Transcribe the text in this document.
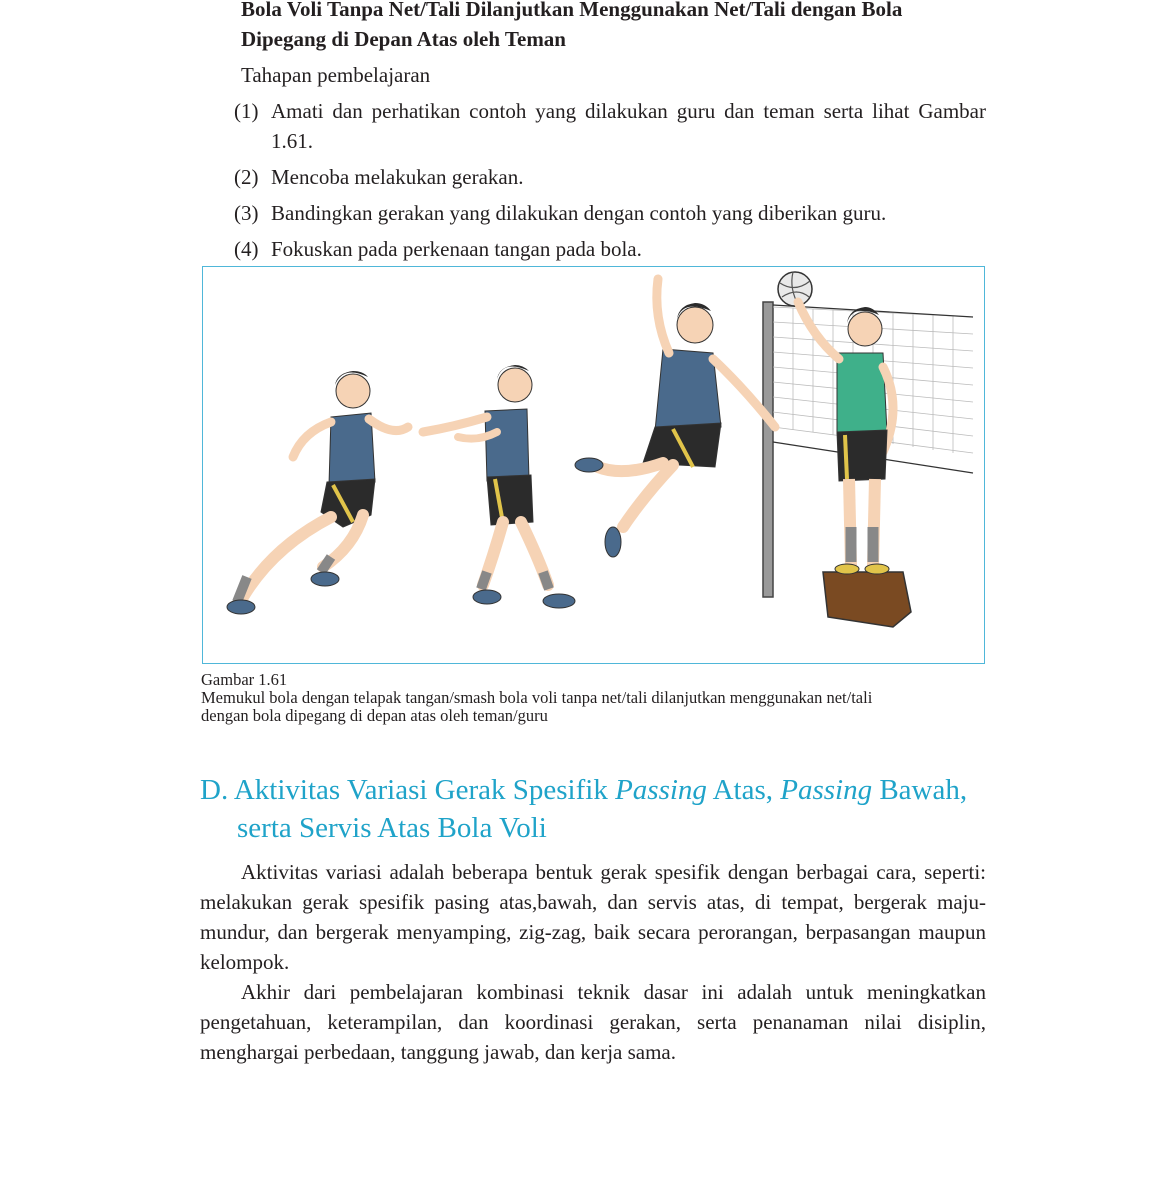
Bola Voli Tanpa Net/Tali Dilanjutkan Menggunakan Net/Tali dengan Bola
Dipegang di Depan Atas oleh Teman
Tahapan pembelajaran
(1) Amati dan perhatikan contoh yang dilakukan guru dan teman serta lihat Gambar 1.61.
(2) Mencoba melakukan gerakan.
(3) Bandingkan gerakan yang dilakukan dengan contoh yang diberikan guru.
(4) Fokuskan pada perkenaan tangan pada bola.

Gambar 1.61

Memukul bola dengan telapak tangan/smash bola voli tanpa net/tali dilanjutkan menggunakan net/tali

dengan bola dipegang di depan atas oleh teman/guru

D. Aktivitas Variasi Gerak Spesifik Passing Atas, Passing Bawah,
serta Servis Atas Bola Voli

Aktivitas variasi adalah beberapa bentuk gerak spesifik dengan berbagai cara, seperti: melakukan gerak spesifik pasing atas,bawah, dan servis atas, di tempat, bergerak maju-mundur, dan bergerak menyamping, zig-zag, baik secara perorangan, berpasangan maupun kelompok.

Akhir dari pembelajaran kombinasi teknik dasar ini adalah untuk meningkatkan pengetahuan, keterampilan, dan koordinasi gerakan, serta penanaman nilai disiplin, menghargai perbedaan, tanggung jawab, dan kerja sama.
